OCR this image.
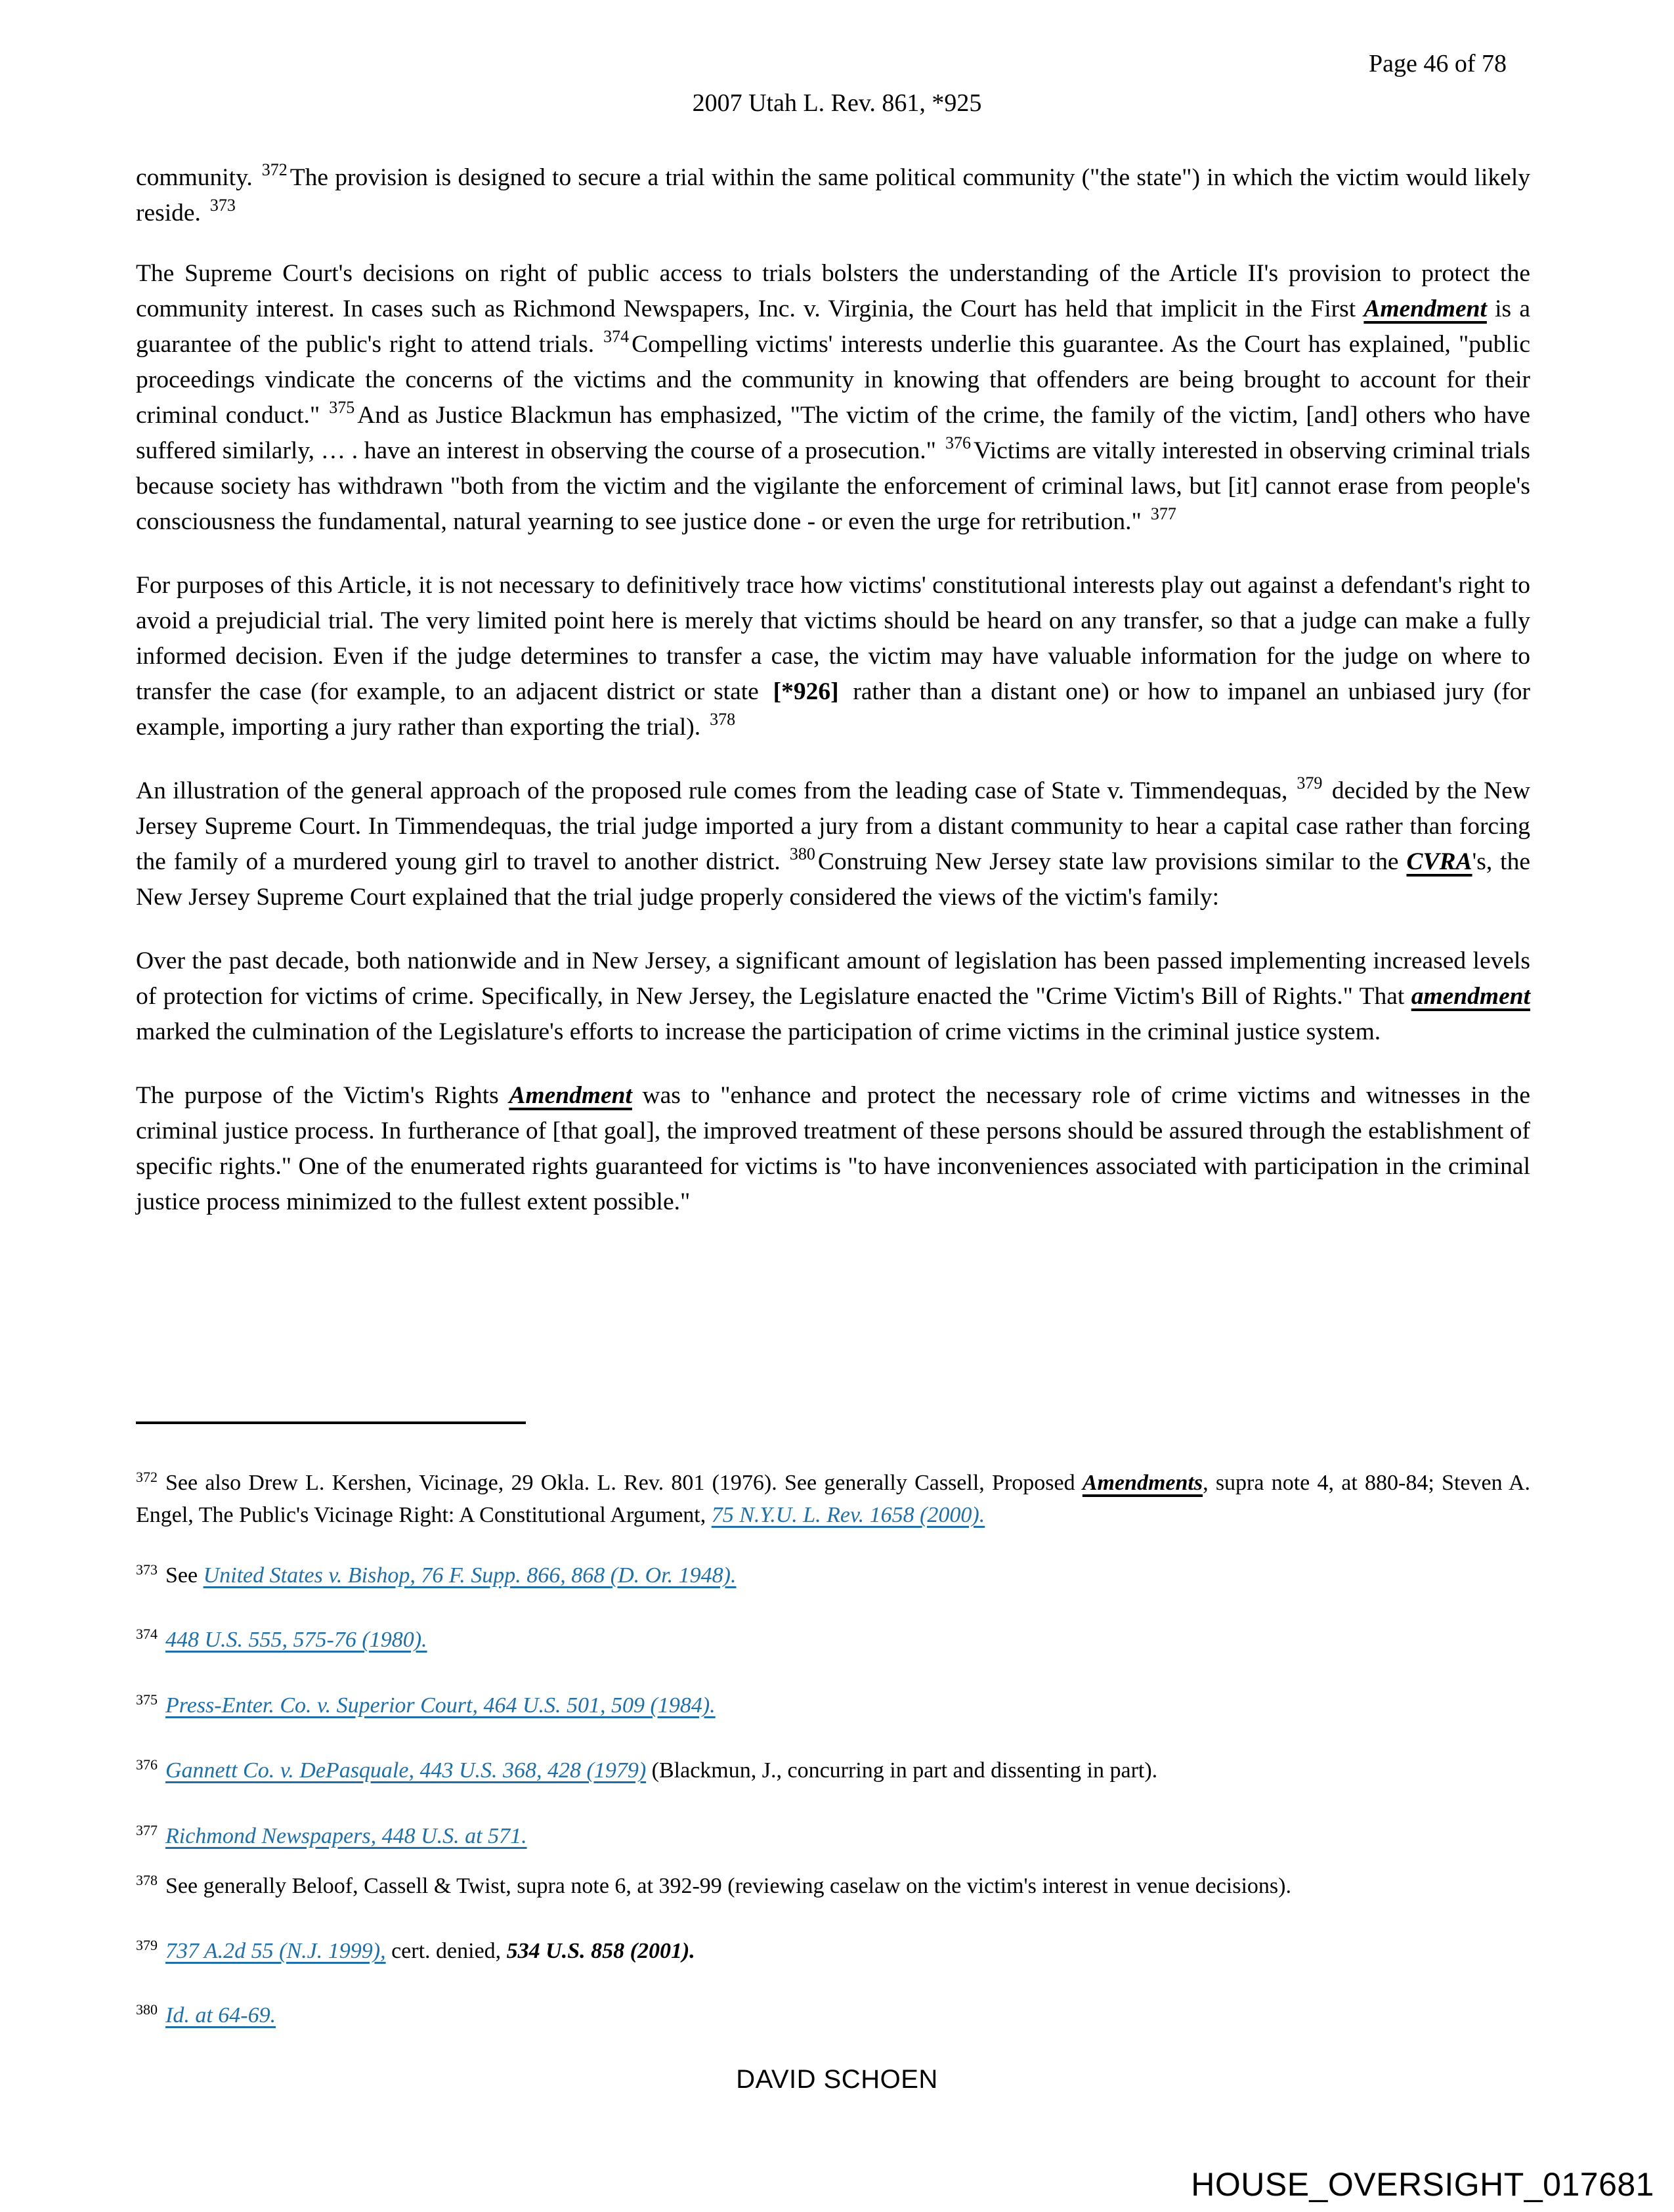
Page 46 of 78
2007 Utah L. Rev. 861, *925

community. $^{372}$ The provision is designed to secure a trial within the same political community ("the state") in which the victim would likely reside. $^{373}$

The Supreme Court's decisions on right of public access to trials bolsters the understanding of the Article II's provision to protect the community interest. In cases such as Richmond Newspapers, Inc. v. Virginia, the Court has held that implicit in the First Amendment is a guarantee of the public's right to attend trials. $^{374}$ Compelling victims' interests underlie this guarantee. As the Court has explained, "public proceedings vindicate the concerns of the victims and the community in knowing that offenders are being brought to account for their criminal conduct." $^{375}$ And as Justice Blackmun has emphasized, "The victim of the crime, the family of the victim, [and] others who have suffered similarly, … . have an interest in observing the course of a prosecution." $^{376}$ Victims are vitally interested in observing criminal trials because society has withdrawn "both from the victim and the vigilante the enforcement of criminal laws, but [it] cannot erase from people's consciousness the fundamental, natural yearning to see justice done - or even the urge for retribution." $^{377}$

For purposes of this Article, it is not necessary to definitively trace how victims' constitutional interests play out against a defendant's right to avoid a prejudicial trial. The very limited point here is merely that victims should be heard on any transfer, so that a judge can make a fully informed decision. Even if the judge determines to transfer a case, the victim may have valuable information for the judge on where to transfer the case (for example, to an adjacent district or state [*926] rather than a distant one) or how to impanel an unbiased jury (for example, importing a jury rather than exporting the trial). $^{378}$

An illustration of the general approach of the proposed rule comes from the leading case of State v. Timmendequas, $^{379}$ decided by the New Jersey Supreme Court. In Timmendequas, the trial judge imported a jury from a distant community to hear a capital case rather than forcing the family of a murdered young girl to travel to another district. $^{380}$ Construing New Jersey state law provisions similar to the CVRA's, the New Jersey Supreme Court explained that the trial judge properly considered the views of the victim's family:

Over the past decade, both nationwide and in New Jersey, a significant amount of legislation has been passed implementing increased levels of protection for victims of crime. Specifically, in New Jersey, the Legislature enacted the "Crime Victim's Bill of Rights." That amendment marked the culmination of the Legislature's efforts to increase the participation of crime victims in the criminal justice system.

The purpose of the Victim's Rights Amendment was to "enhance and protect the necessary role of crime victims and witnesses in the criminal justice process. In furtherance of [that goal], the improved treatment of these persons should be assured through the establishment of specific rights." One of the enumerated rights guaranteed for victims is "to have inconveniences associated with participation in the criminal justice process minimized to the fullest extent possible."

$^{372}$ See also Drew L. Kershen, Vicinage, 29 Okla. L. Rev. 801 (1976). See generally Cassell, Proposed Amendments, supra note 4, at 880-84; Steven A. Engel, The Public's Vicinage Right: A Constitutional Argument, 75 N.Y.U. L. Rev. 1658 (2000).
$^{373}$ See United States v. Bishop, 76 F. Supp. 866, 868 (D. Or. 1948).
$^{374}$ 448 U.S. 555, 575-76 (1980).
$^{375}$ Press-Enter. Co. v. Superior Court, 464 U.S. 501, 509 (1984).
$^{376}$ Gannett Co. v. DePasquale, 443 U.S. 368, 428 (1979) (Blackmun, J., concurring in part and dissenting in part).
$^{377}$ Richmond Newspapers, 448 U.S. at 571.
$^{378}$ See generally Beloof, Cassell & Twist, supra note 6, at 392-99 (reviewing caselaw on the victim's interest in venue decisions).
$^{379}$ 737 A.2d 55 (N.J. 1999), cert. denied, 534 U.S. 858 (2001).
$^{380}$ Id. at 64-69.
DAVID SCHOEN
HOUSE_OVERSIGHT_017681
